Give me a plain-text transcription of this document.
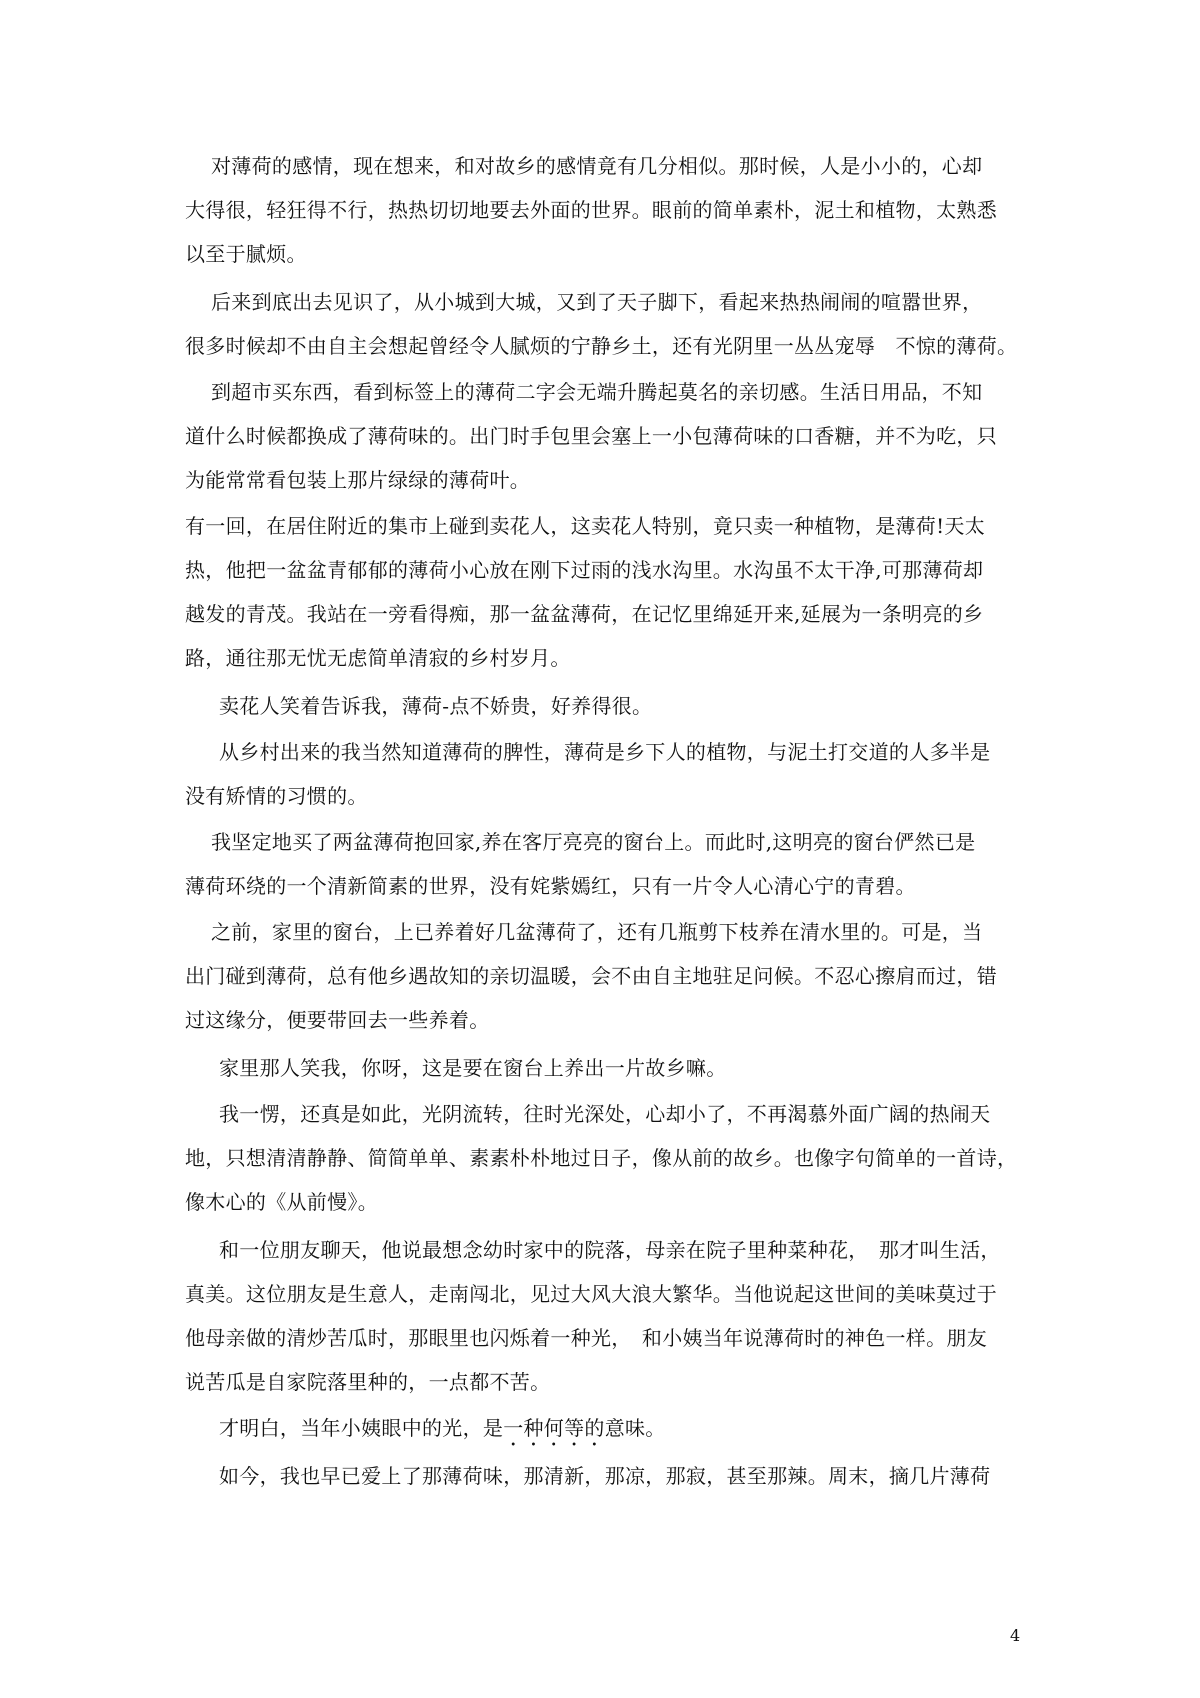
对薄荷的感情，现在想来，和对故乡的感情竟有几分相似。那时候，人是小小的，心却
大得很，轻狂得不行，热热切切地要去外面的世界。眼前的简单素朴，泥土和植物，太熟悉
以至于腻烦。
后来到底出去见识了，从小城到大城，又到了天子脚下，看起来热热闹闹的喧嚣世界，
很多时候却不由自主会想起曾经令人腻烦的宁静乡土，还有光阴里一丛丛宠辱　不惊的薄荷。
到超市买东西，看到标签上的薄荷二字会无端升腾起莫名的亲切感。生活日用品，不知
道什么时候都换成了薄荷味的。出门时手包里会塞上一小包薄荷味的口香糖，并不为吃，只
为能常常看包装上那片绿绿的薄荷叶。
有一回，在居住附近的集市上碰到卖花人，这卖花人特别，竟只卖一种植物，是薄荷!天太
热，他把一盆盆青郁郁的薄荷小心放在刚下过雨的浅水沟里。水沟虽不太干净,可那薄荷却
越发的青茂。我站在一旁看得痴，那一盆盆薄荷，在记忆里绵延开来,延展为一条明亮的乡
路，通往那无忧无虑简单清寂的乡村岁月。
卖花人笑着告诉我，薄荷-点不娇贵，好养得很。
从乡村出来的我当然知道薄荷的脾性，薄荷是乡下人的植物，与泥土打交道的人多半是
没有矫情的习惯的。
我坚定地买了两盆薄荷抱回家,养在客厅亮亮的窗台上。而此时,这明亮的窗台俨然已是
薄荷环绕的一个清新简素的世界，没有姹紫嫣红，只有一片令人心清心宁的青碧。
之前，家里的窗台，上已养着好几盆薄荷了，还有几瓶剪下枝养在清水里的。可是，当
出门碰到薄荷，总有他乡遇故知的亲切温暖，会不由自主地驻足问候。不忍心擦肩而过，错
过这缘分，便要带回去一些养着。
家里那人笑我，你呀，这是要在窗台上养出一片故乡嘛。
我一愣，还真是如此，光阴流转，往时光深处，心却小了，不再渴慕外面广阔的热闹天
地，只想清清静静、简简单单、素素朴朴地过日子，像从前的故乡。也像字句简单的一首诗，
像木心的《从前慢》。
和一位朋友聊天，他说最想念幼时家中的院落，母亲在院子里种菜种花，　那才叫生活，
真美。这位朋友是生意人，走南闯北，见过大风大浪大繁华。当他说起这世间的美味莫过于
他母亲做的清炒苦瓜时，那眼里也闪烁着一种光，　和小姨当年说薄荷时的神色一样。朋友
说苦瓜是自家院落里种的，一点都不苦。
才明白，当年小姨眼中的光，是一种何等的意味。
如今，我也早已爱上了那薄荷味，那清新，那凉，那寂，甚至那辣。周末，摘几片薄荷
4
